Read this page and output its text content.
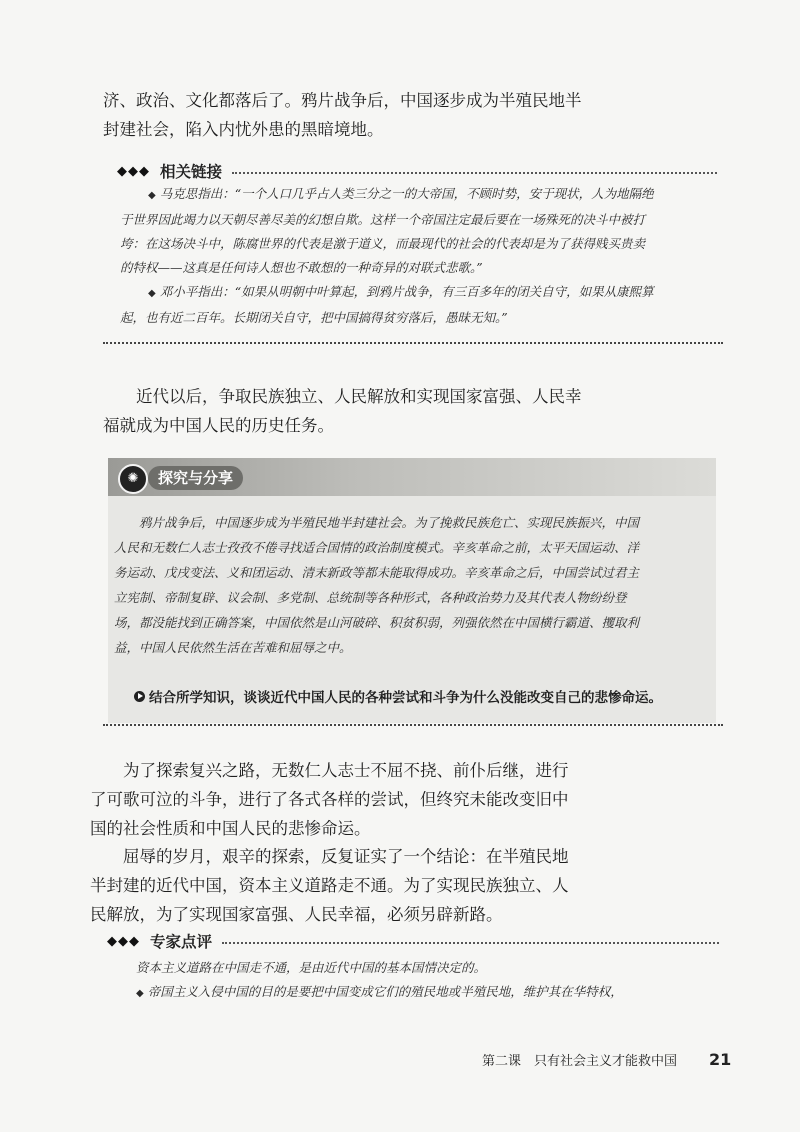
济、政治、文化都落后了。鸦片战争后，中国逐步成为半殖民地半

封建社会，陷入内忧外患的黑暗境地。

◆◆◆ 相关链接

◆ 马克思指出：“一个人口几乎占人类三分之一的大帝国，不顾时势，安于现状，人为地隔绝

于世界因此竭力以天朝尽善尽美的幻想自欺。这样一个帝国注定最后要在一场殊死的决斗中被打

垮：在这场决斗中，陈腐世界的代表是激于道义，而最现代的社会的代表却是为了获得贱买贵卖

的特权——这真是任何诗人想也不敢想的一种奇异的对联式悲歌。”

◆ 邓小平指出：“如果从明朝中叶算起，到鸦片战争，有三百多年的闭关自守，如果从康熙算

起，也有近二百年。长期闭关自守，把中国搞得贫穷落后，愚昧无知。”

近代以后，争取民族独立、人民解放和实现国家富强、人民幸

福就成为中国人民的历史任务。

✺	探究与分享

鸦片战争后，中国逐步成为半殖民地半封建社会。为了挽救民族危亡、实现民族振兴，中国

人民和无数仁人志士孜孜不倦寻找适合国情的政治制度模式。辛亥革命之前，太平天国运动、洋

务运动、戊戌变法、义和团运动、清末新政等都未能取得成功。辛亥革命之后，中国尝试过君主

立宪制、帝制复辟、议会制、多党制、总统制等各种形式，各种政治势力及其代表人物纷纷登

场，都没能找到正确答案，中国依然是山河破碎、积贫积弱，列强依然在中国横行霸道、攫取利

益，中国人民依然生活在苦难和屈辱之中。

结合所学知识，谈谈近代中国人民的各种尝试和斗争为什么没能改变自己的悲惨命运。

为了探索复兴之路，无数仁人志士不屈不挠、前仆后继，进行

了可歌可泣的斗争，进行了各式各样的尝试，但终究未能改变旧中

国的社会性质和中国人民的悲惨命运。

屈辱的岁月，艰辛的探索，反复证实了一个结论：在半殖民地

半封建的近代中国，资本主义道路走不通。为了实现民族独立、人

民解放，为了实现国家富强、人民幸福，必须另辟新路。

◆◆◆ 专家点评

资本主义道路在中国走不通，是由近代中国的基本国情决定的。

◆ 帝国主义入侵中国的目的是要把中国变成它们的殖民地或半殖民地，维护其在华特权，

第二课　只有社会主义才能救中国 21
